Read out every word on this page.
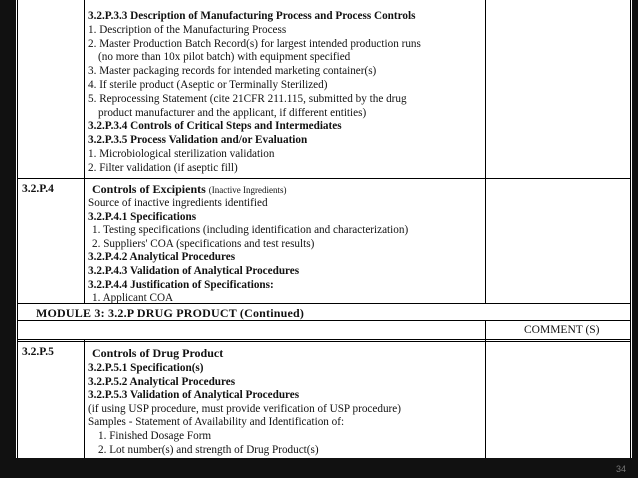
3.2.P.3.3 Description of Manufacturing Process and Process Controls
1. Description of the Manufacturing Process
2. Master Production Batch Record(s) for largest intended production runs
(no more than 10x pilot batch) with equipment specified
3. Master packaging records for intended marketing container(s)
4. If sterile product (Aseptic or Terminally Sterilized)
5. Reprocessing Statement (cite 21CFR 211.115, submitted by the drug
product manufacturer and the applicant, if different entities)
3.2.P.3.4 Controls of Critical Steps and Intermediates
3.2.P.3.5 Process Validation and/or Evaluation
1. Microbiological sterilization validation
2. Filter validation (if aseptic fill)
3.2.P.4	Controls of Excipients (Inactive Ingredients)
Source of inactive ingredients identified
3.2.P.4.1 Specifications
1. Testing specifications (including identification and characterization)
2. Suppliers' COA (specifications and test results)
3.2.P.4.2 Analytical Procedures
3.2.P.4.3 Validation of Analytical Procedures
3.2.P.4.4 Justification of Specifications:
1. Applicant COA
MODULE 3: 3.2.P DRUG PRODUCT (Continued)
COMMENT (S)
3.2.P.5	Controls of Drug Product
3.2.P.5.1 Specification(s)
3.2.P.5.2 Analytical Procedures
3.2.P.5.3 Validation of Analytical Procedures
(if using USP procedure, must provide verification of USP procedure)
Samples - Statement of Availability and Identification of:
1. Finished Dosage Form
2. Lot number(s) and strength of Drug Product(s)
34
